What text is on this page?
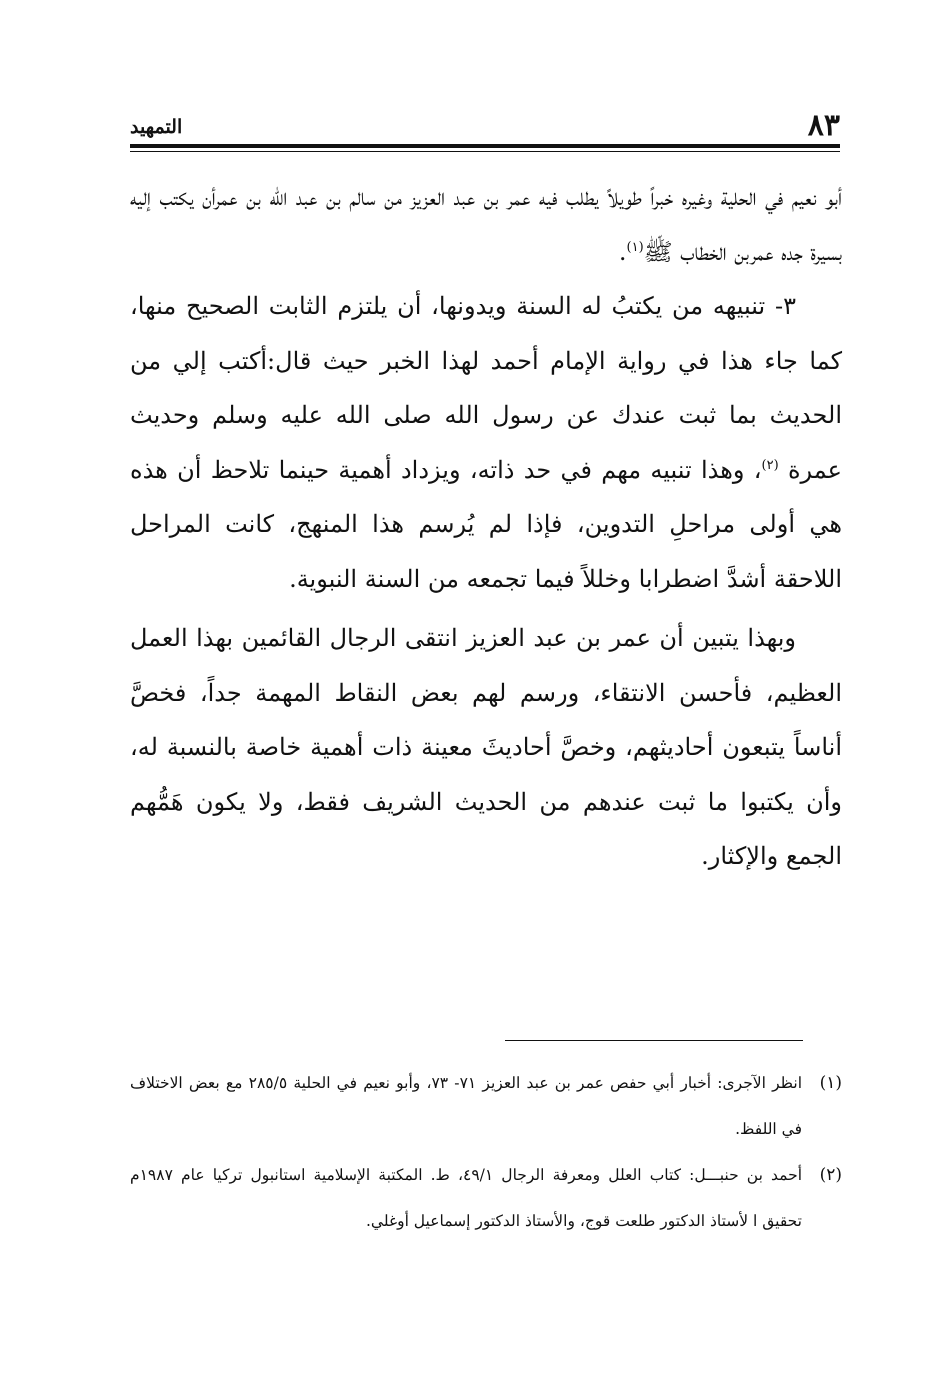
٨٣
التمهيد

أبو نعيم في الحلية وغيره خبراً طويلاً يطلب فيه عمر بن عبد العزيز من سالم بن عبد الله بن عمرأن يكتب إليه بسيرة جده عمربن الخطاب ﷺ$^{(١)}$.

٣- تنبيهه من يكتبُ له السنة ويدونها، أن يلتزم الثابت الصحيح منها، كما جاء هذا في رواية الإمام أحمد لهذا الخبر حيث قال:أكتب إلي من الحديث بما ثبت عندك عن رسول الله صلى الله عليه وسلم وحديث عمرة $^{(٢)}$، وهذا تنبيه مهم في حد ذاته، ويزداد أهمية حينما تلاحظ أن هذه هي أولى مراحلِ التدوين، فإذا لم يُرسم هذا المنهج، كانت المراحل اللاحقة أشدَّ اضطرابا وخللاً فيما تجمعه من السنة النبوية.

وبهذا يتبين أن عمر بن عبد العزيز انتقى الرجال القائمين بهذا العمل العظيم، فأحسن الانتقاء، ورسم لهم بعض النقاط المهمة جداً، فخصَّ أناساً يتبعون أحاديثهم، وخصَّ أحاديثَ معينة ذات أهمية خاصة بالنسبة له، وأن يكتبوا ما ثبت عندهم من الحديث الشريف فقط، ولا يكون هَمُّهم الجمع والإكثار.

(١)
انظر الآجرى: أخبار أبي حفص عمر بن عبد العزيز ٧١- ٧٣، وأبو نعيم في الحلية ٢٨٥/٥ مع بعض الاختلاف في اللفظ.
(٢)
أحمد بن حنبـــل: كتاب العلل ومعرفة الرجال ٤٩/١، ط. المكتبة الإسلامية استانبول تركيا عام ١٩٨٧م تحقيق ا لأستاذ الدكتور طلعت قوج، والأستاذ الدكتور إسماعيل أوغلي.
